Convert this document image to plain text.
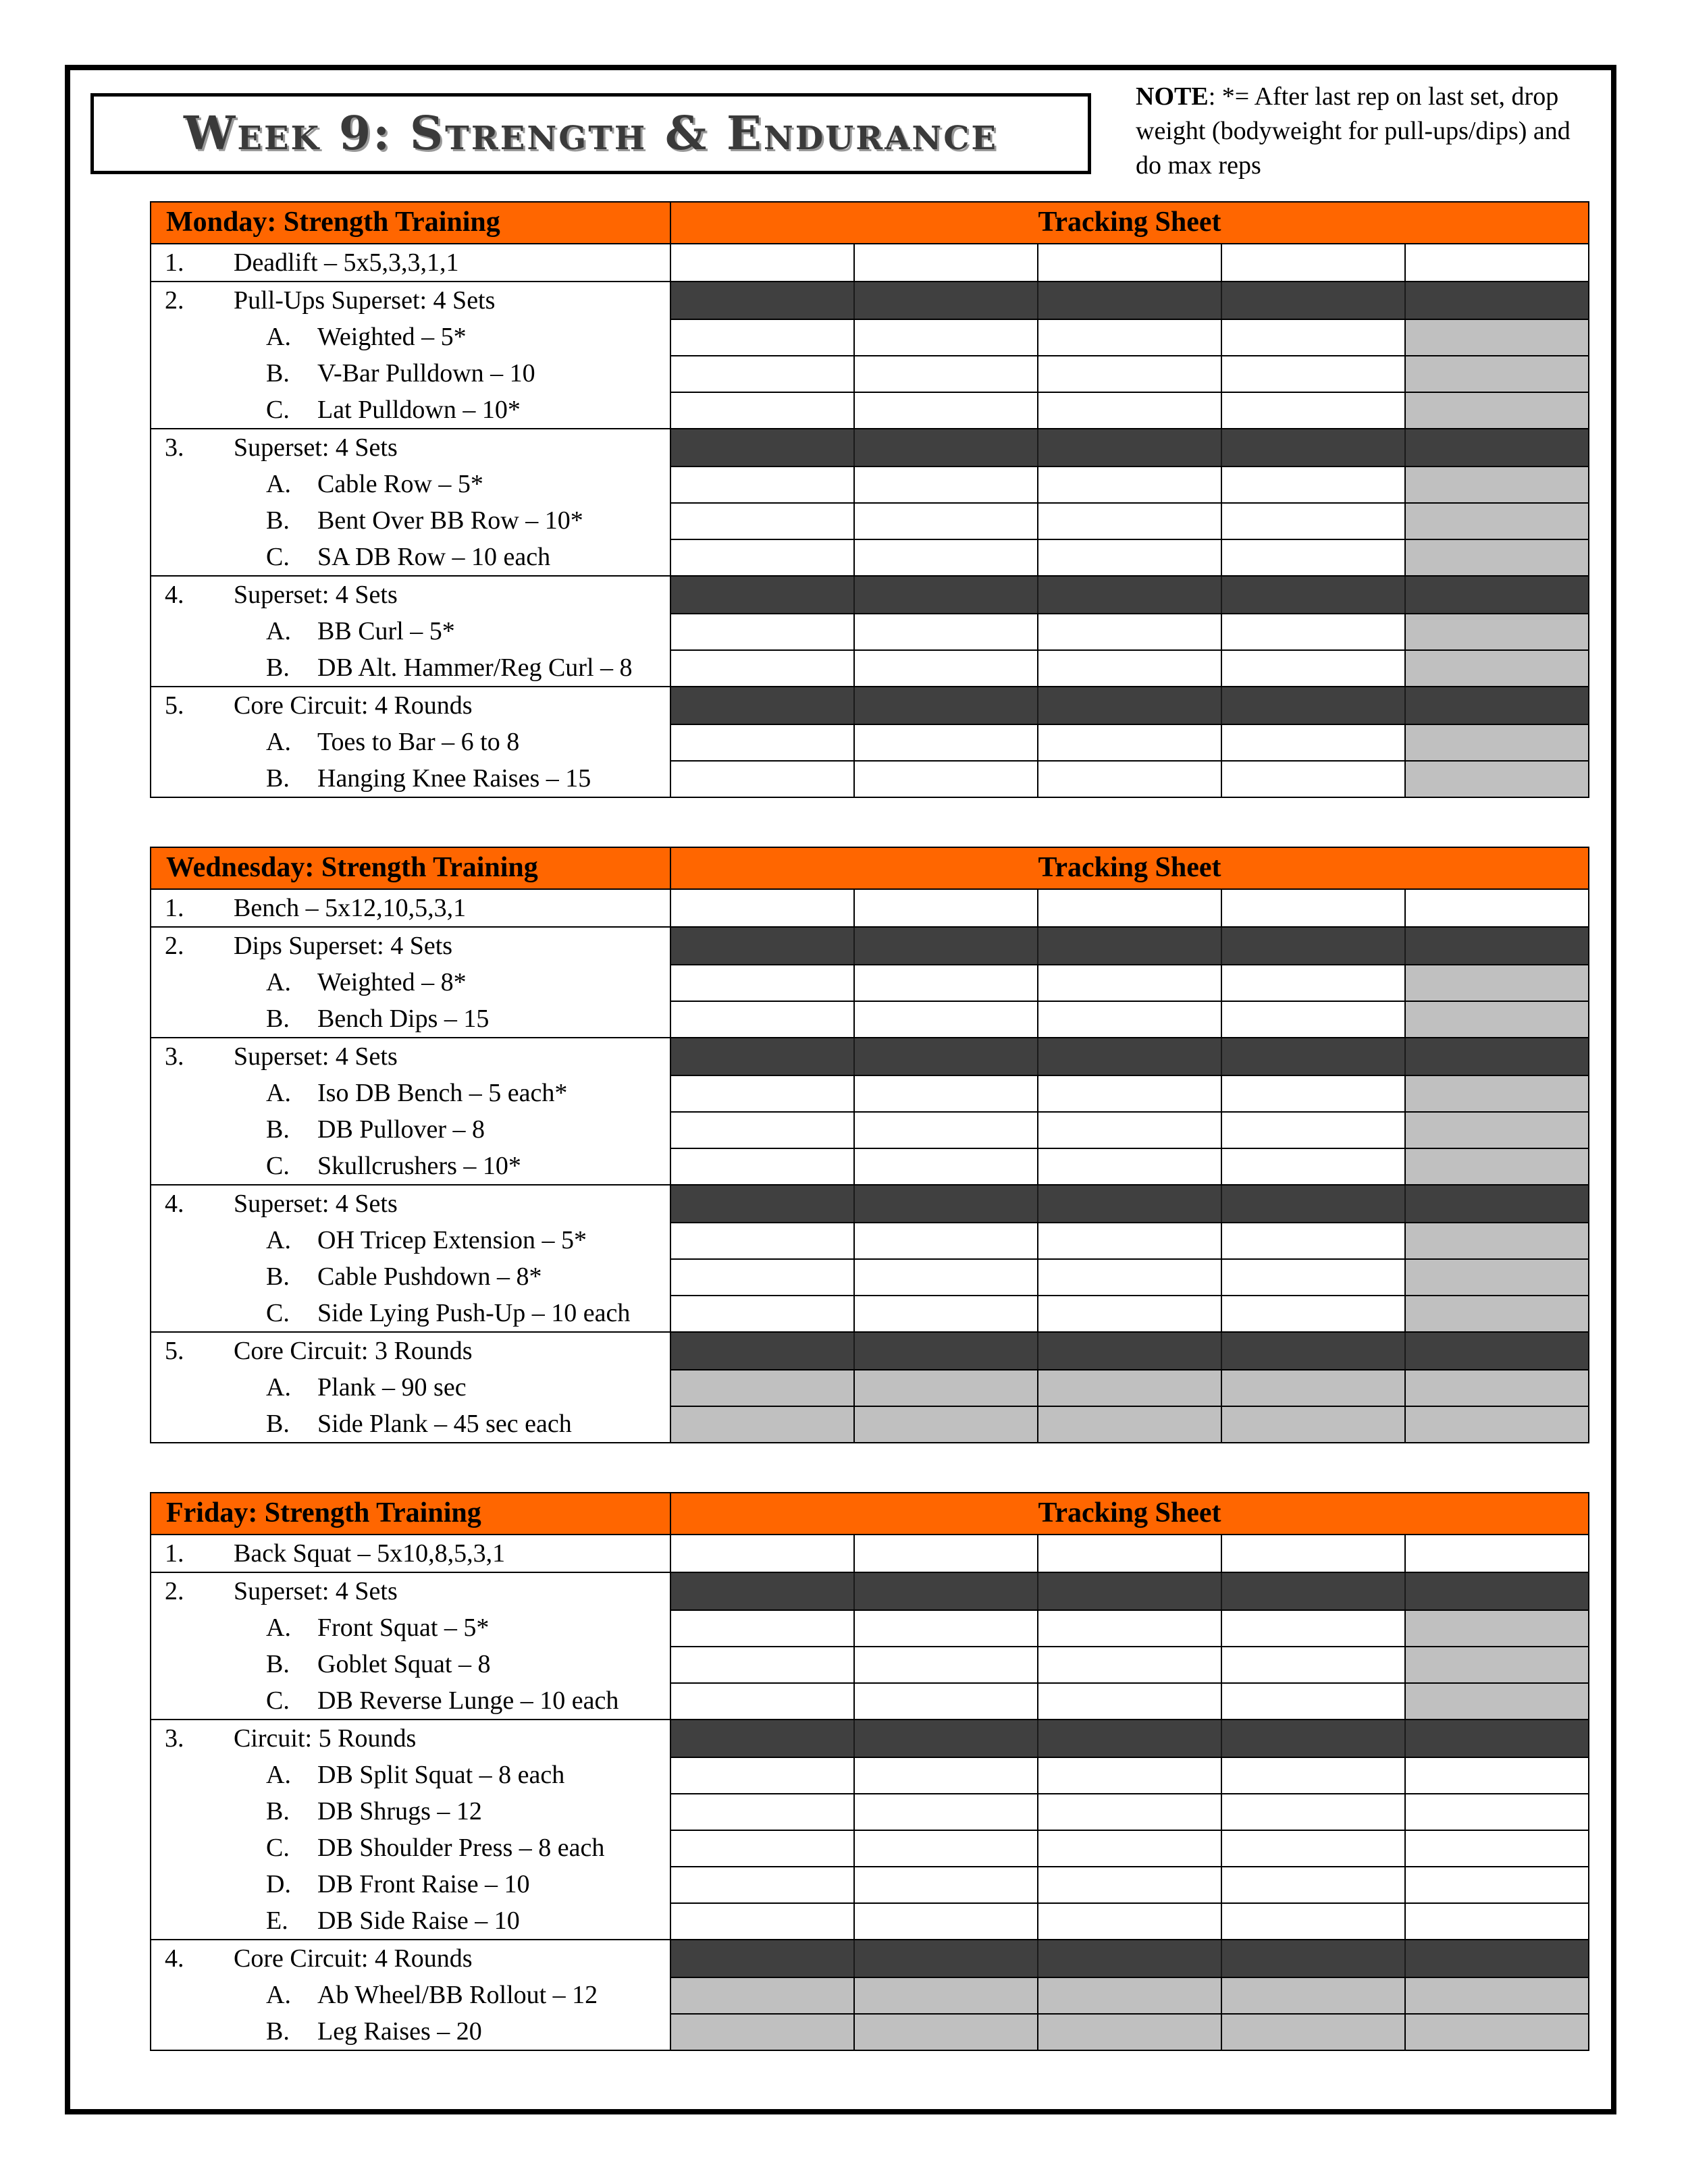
Week 9: Strength & Endurance
NOTE: *= After last rep on last set, drop weight (bodyweight for pull-ups/dips) and do max reps
Monday: Strength Training	Tracking Sheet
1.	Deadlift – 5x5,3,3,1,1
2.	Pull-Ups Superset: 4 Sets
A.	Weighted – 5*
B.	V-Bar Pulldown – 10
C.	Lat Pulldown – 10*
3.	Superset: 4 Sets
A.	Cable Row – 5*
B.	Bent Over BB Row – 10*
C.	SA DB Row – 10 each
4.	Superset: 4 Sets
A.	BB Curl – 5*
B.	DB Alt. Hammer/Reg Curl – 8
5.	Core Circuit: 4 Rounds
A.	Toes to Bar – 6 to 8
B.	Hanging Knee Raises – 15
Wednesday: Strength Training	Tracking Sheet
1.	Bench – 5x12,10,5,3,1
2.	Dips Superset: 4 Sets
A.	Weighted – 8*
B.	Bench Dips – 15
3.	Superset: 4 Sets
A.	Iso DB Bench – 5 each*
B.	DB Pullover – 8
C.	Skullcrushers – 10*
4.	Superset: 4 Sets
A.	OH Tricep Extension – 5*
B.	Cable Pushdown – 8*
C.	Side Lying Push-Up – 10 each
5.	Core Circuit: 3 Rounds
A.	Plank – 90 sec
B.	Side Plank – 45 sec each
Friday: Strength Training	Tracking Sheet
1.	Back Squat – 5x10,8,5,3,1
2.	Superset: 4 Sets
A.	Front Squat – 5*
B.	Goblet Squat – 8
C.	DB Reverse Lunge – 10 each
3.	Circuit: 5 Rounds
A.	DB Split Squat – 8 each
B.	DB Shrugs – 12
C.	DB Shoulder Press – 8 each
D.	DB Front Raise – 10
E.	DB Side Raise – 10
4.	Core Circuit: 4 Rounds
A.	Ab Wheel/BB Rollout – 12
B.	Leg Raises – 20
